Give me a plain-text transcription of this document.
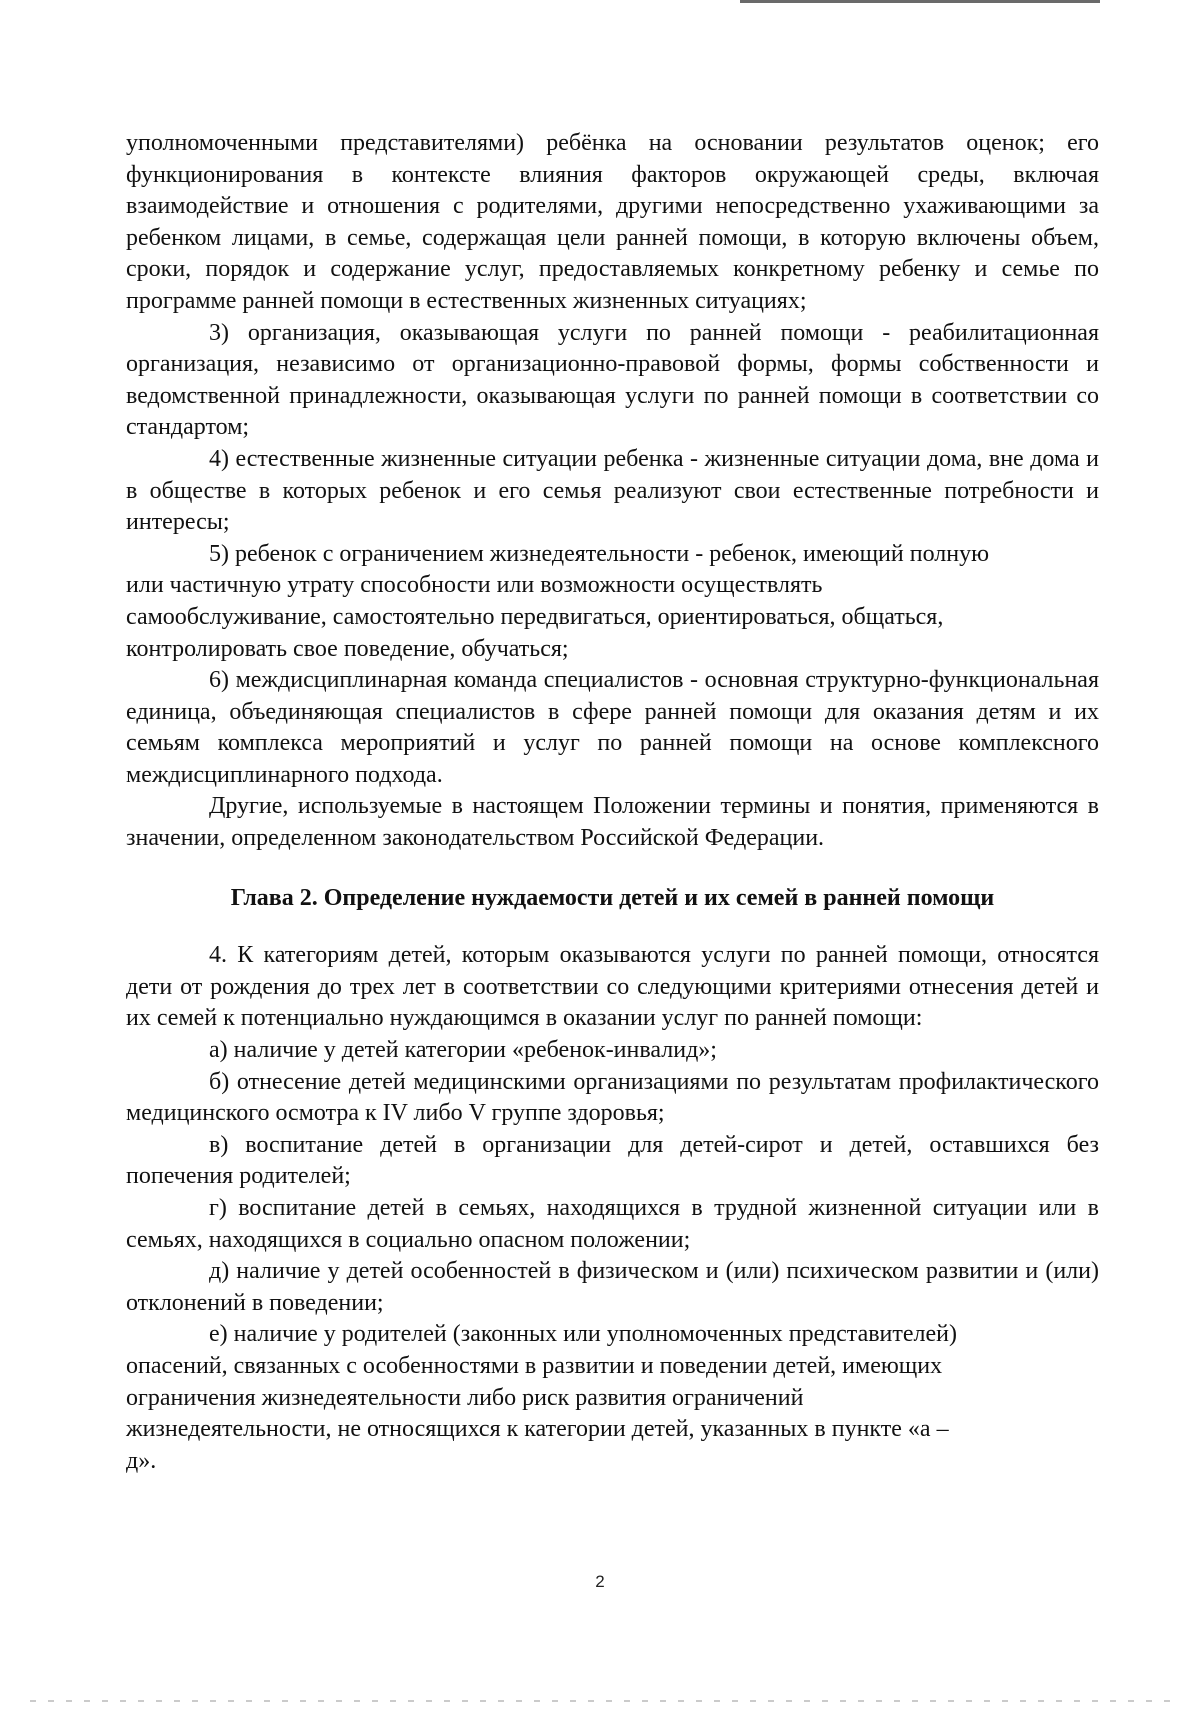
уполномоченными представителями) ребёнка на основании результатов оценок; его функционирования в контексте влияния факторов окружающей среды, включая взаимодействие и отношения с родителями, другими непосредственно ухаживающими за ребенком лицами, в семье, содержащая цели ранней помощи, в которую включены объем, сроки, порядок и содержание услуг, предоставляемых конкретному ребенку и семье по программе ранней помощи в естественных жизненных ситуациях;

3) организация, оказывающая услуги по ранней помощи - реабилитационная организация, независимо от организационно-правовой формы, формы собственности и ведомственной принадлежности, оказывающая услуги по ранней помощи в соответствии со стандартом;

4) естественные жизненные ситуации ребенка - жизненные ситуации дома, вне дома и в обществе в которых ребенок и его семья реализуют свои естественные потребности и интересы;

5) ребенок с ограничением жизнедеятельности - ребенок, имеющий полную

или частичную утрату способности или возможности осуществлять

самообслуживание, самостоятельно передвигаться, ориентироваться, общаться,

контролировать свое поведение, обучаться;

6) междисциплинарная команда специалистов - основная структурно-функциональная единица, объединяющая специалистов в сфере ранней помощи для оказания детям и их семьям комплекса мероприятий и услуг по ранней помощи на основе комплексного междисциплинарного подхода.

Другие, используемые в настоящем Положении термины и понятия, применяются в значении, определенном законодательством Российской Федерации.

Глава 2. Определение нуждаемости детей и их семей в ранней помощи

4. К категориям детей, которым оказываются услуги по ранней помощи, относятся дети от рождения до трех лет в соответствии со следующими критериями отнесения детей и их семей к потенциально нуждающимся в оказании услуг по ранней помощи:

а) наличие у детей категории «ребенок-инвалид»;

б) отнесение детей медицинскими организациями по результатам профилактического медицинского осмотра к IV либо V группе здоровья;

в) воспитание детей в организации для детей-сирот и детей, оставшихся без попечения родителей;

г) воспитание детей в семьях, находящихся в трудной жизненной ситуации или в семьях, находящихся в социально опасном положении;

д) наличие у детей особенностей в физическом и (или) психическом развитии и (или) отклонений в поведении;

е) наличие у родителей (законных или уполномоченных представителей)

опасений, связанных с особенностями в развитии и поведении детей, имеющих

ограничения жизнедеятельности либо риск развития ограничений

жизнедеятельности, не относящихся к категории детей, указанных в пункте «а –

д».

2
